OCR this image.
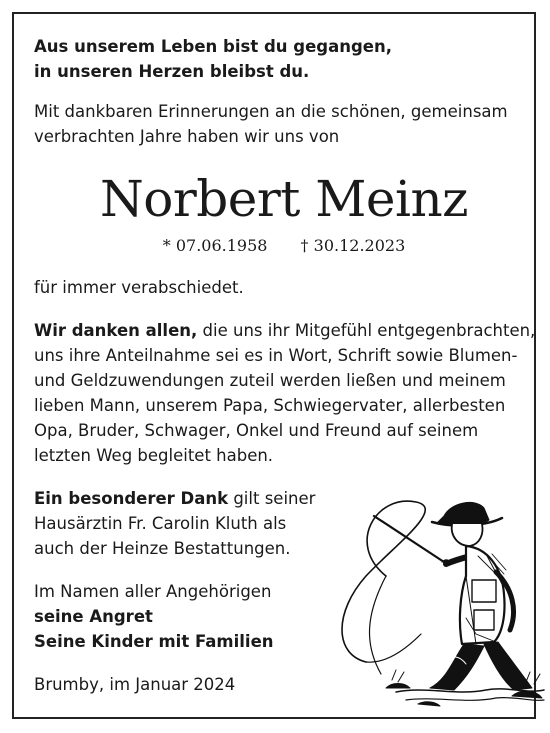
Aus unserem Leben bist du gegangen,
in unseren Herzen bleibst du.
Mit dankbaren Erinnerungen an die schönen, gemeinsam
verbrachten Jahre haben wir uns von
Norbert Meinz
* 07.06.1958 † 30.12.2023
für immer verabschiedet.
Wir danken allen, die uns ihr Mitgefühl entgegenbrachten,
uns ihre Anteilnahme sei es in Wort, Schrift sowie Blumen-
und Geldzuwendungen zuteil werden ließen und meinem
lieben Mann, unserem Papa, Schwiegervater, allerbesten
Opa, Bruder, Schwager, Onkel und Freund auf seinem
letzten Weg begleitet haben.
Ein besonderer Dank gilt seiner
Hausärztin Fr. Carolin Kluth als
auch der Heinze Bestattungen.
Im Namen aller Angehörigen
seine Angret
Seine Kinder mit Familien
Brumby, im Januar 2024
